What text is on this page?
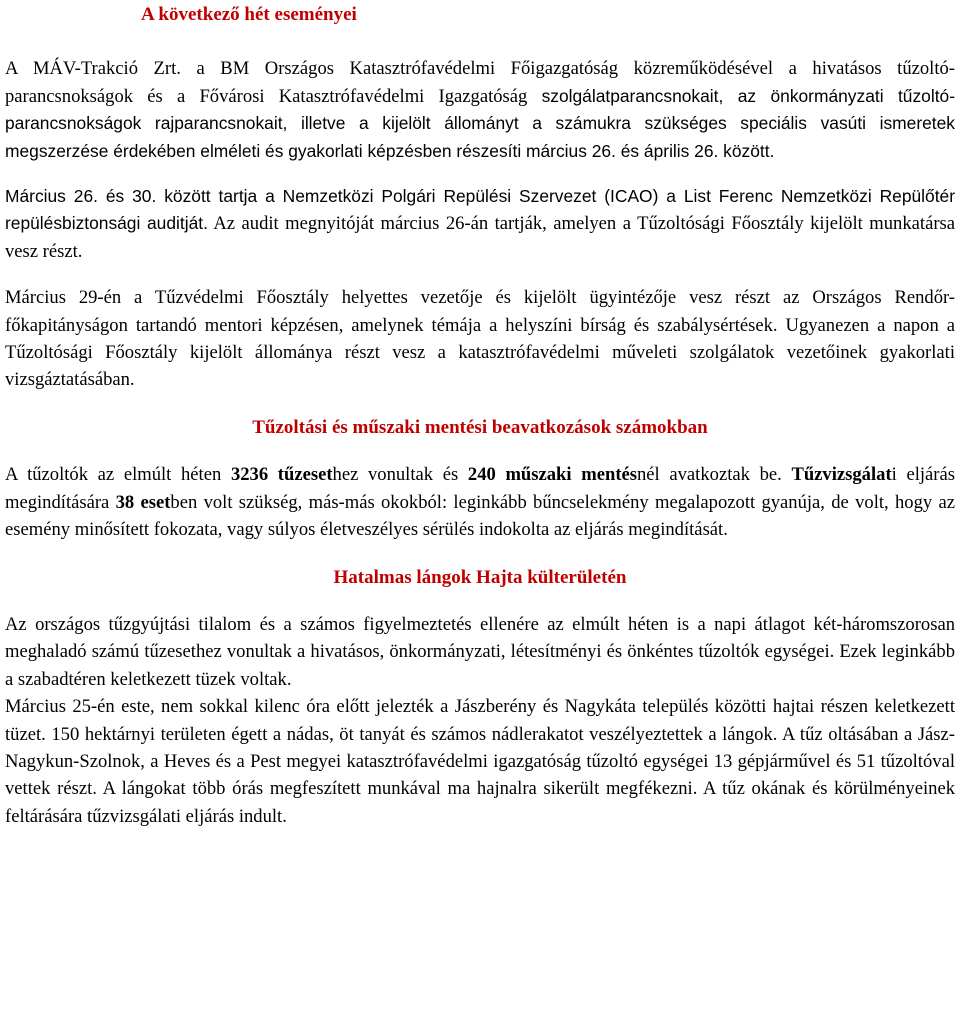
A következő hét eseményei

A MÁV-Trakció Zrt. a BM Országos Katasztrófavédelmi Főigazgatóság közreműködésével a hivatásos tűzoltó-parancsnokságok és a Fővárosi Katasztrófavédelmi Igazgatóság szolgálatparancsnokait, az önkormányzati tűzoltó-parancsnokságok rajparancsnokait, illetve a kijelölt állományt a számukra szükséges speciális vasúti ismeretek megszerzése érdekében elméleti és gyakorlati képzésben részesíti március 26. és április 26. között.

Március 26. és 30. között tartja a Nemzetközi Polgári Repülési Szervezet (ICAO) a List Ferenc Nemzetközi Repülőtér repülésbiztonsági auditját. Az audit megnyitóját március 26-án tartják, amelyen a Tűzoltósági Főosztály kijelölt munkatársa vesz részt.

Március 29-én a Tűzvédelmi Főosztály helyettes vezetője és kijelölt ügyintézője vesz részt az Országos Rendőr-főkapitányságon tartandó mentori képzésen, amelynek témája a helyszíni bírság és szabálysértések. Ugyanezen a napon a Tűzoltósági Főosztály kijelölt állománya részt vesz a katasztrófavédelmi műveleti szolgálatok vezetőinek gyakorlati vizsgáztatásában.

Tűzoltási és műszaki mentési beavatkozások számokban

A tűzoltók az elmúlt héten 3236 tűzesethez vonultak és 240 műszaki mentésnél avatkoztak be. Tűzvizsgálati eljárás megindítására 38 esetben volt szükség, más-más okokból: leginkább bűncselekmény megalapozott gyanúja, de volt, hogy az esemény minősített fokozata, vagy súlyos életveszélyes sérülés indokolta az eljárás megindítását.

Hatalmas lángok Hajta külterületén

Az országos tűzgyújtási tilalom és a számos figyelmeztetés ellenére az elmúlt héten is a napi átlagot két-háromszorosan meghaladó számú tűzesethez vonultak a hivatásos, önkormányzati, létesítményi és önkéntes tűzoltók egységei. Ezek leginkább a szabadtéren keletkezett tüzek voltak.

Március 25-én este, nem sokkal kilenc óra előtt jelezték a Jászberény és Nagykáta település közötti hajtai részen keletkezett tüzet. 150 hektárnyi területen égett a nádas, öt tanyát és számos nádlerakatot veszélyeztettek a lángok. A tűz oltásában a Jász-Nagykun-Szolnok, a Heves és a Pest megyei katasztrófavédelmi igazgatóság tűzoltó egységei 13 gépjárművel és 51 tűzoltóval vettek részt. A lángokat több órás megfeszített munkával ma hajnalra sikerült megfékezni. A tűz okának és körülményeinek feltárására tűzvizsgálati eljárás indult.
